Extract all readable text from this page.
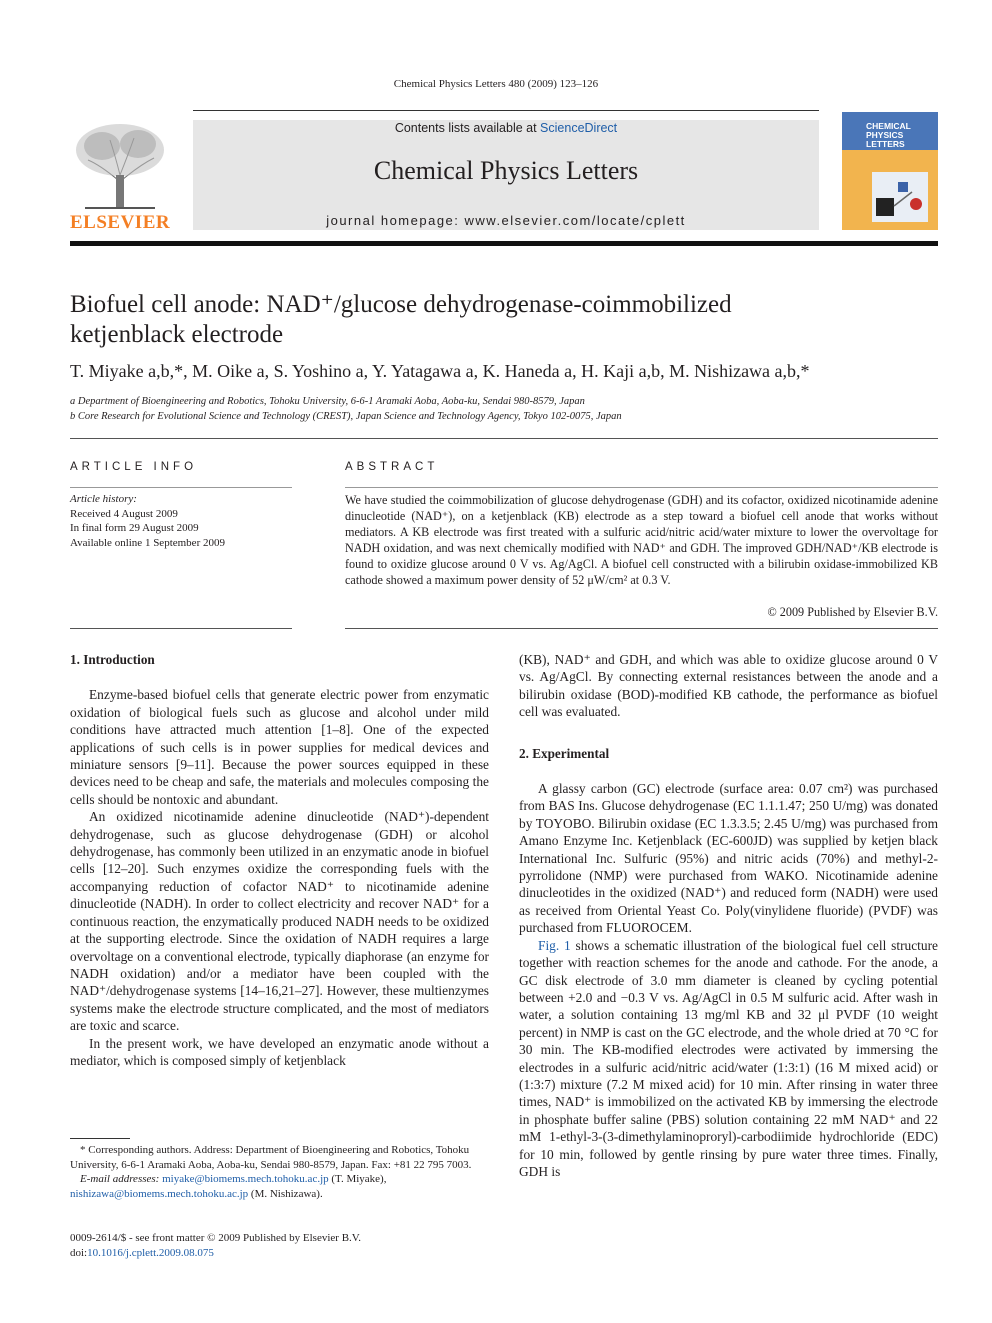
Chemical Physics Letters 480 (2009) 123–126
ELSEVIER
Contents lists available at ScienceDirect
Chemical Physics Letters
journal homepage: www.elsevier.com/locate/cplett
CHEMICAL PHYSICS LETTERS
Biofuel cell anode: NAD⁺/glucose dehydrogenase-coimmobilized ketjenblack electrode
T. Miyake a,b,*, M. Oike a, S. Yoshino a, Y. Yatagawa a, K. Haneda a, H. Kaji a,b, M. Nishizawa a,b,*
a Department of Bioengineering and Robotics, Tohoku University, 6-6-1 Aramaki Aoba, Aoba-ku, Sendai 980-8579, Japan
b Core Research for Evolutional Science and Technology (CREST), Japan Science and Technology Agency, Tokyo 102-0075, Japan
ARTICLE INFO
Article history:
Received 4 August 2009
In final form 29 August 2009
Available online 1 September 2009
ABSTRACT
We have studied the coimmobilization of glucose dehydrogenase (GDH) and its cofactor, oxidized nicotinamide adenine dinucleotide (NAD⁺), on a ketjenblack (KB) electrode as a step toward a biofuel cell anode that works without mediators. A KB electrode was first treated with a sulfuric acid/nitric acid/water mixture to lower the overvoltage for NADH oxidation, and was next chemically modified with NAD⁺ and GDH. The improved GDH/NAD⁺/KB electrode is found to oxidize glucose around 0 V vs. Ag/AgCl. A biofuel cell constructed with a bilirubin oxidase-immobilized KB cathode showed a maximum power density of 52 μW/cm² at 0.3 V.
© 2009 Published by Elsevier B.V.
1. Introduction

Enzyme-based biofuel cells that generate electric power from enzymatic oxidation of biological fuels such as glucose and alcohol under mild conditions have attracted much attention [1–8]. One of the expected applications of such cells is in power supplies for medical devices and miniature sensors [9–11]. Because the power sources equipped in these devices need to be cheap and safe, the materials and molecules composing the cells should be nontoxic and abundant.

An oxidized nicotinamide adenine dinucleotide (NAD⁺)-dependent dehydrogenase, such as glucose dehydrogenase (GDH) or alcohol dehydrogenase, has commonly been utilized in an enzymatic anode in biofuel cells [12–20]. Such enzymes oxidize the corresponding fuels with the accompanying reduction of cofactor NAD⁺ to nicotinamide adenine dinucleotide (NADH). In order to collect electricity and recover NAD⁺ for a continuous reaction, the enzymatically produced NADH needs to be oxidized at the supporting electrode. Since the oxidation of NADH requires a large overvoltage on a conventional electrode, typically diaphorase (an enzyme for NADH oxidation) and/or a mediator have been coupled with the NAD⁺/dehydrogenase systems [14–16,21–27]. However, these multienzymes systems make the electrode structure complicated, and the most of mediators are toxic and scarce.

In the present work, we have developed an enzymatic anode without a mediator, which is composed simply of ketjenblack

* Corresponding authors. Address: Department of Bioengineering and Robotics, Tohoku University, 6-6-1 Aramaki Aoba, Aoba-ku, Sendai 980-8579, Japan. Fax: +81 22 795 7003.
E-mail addresses: miyake@biomems.mech.tohoku.ac.jp (T. Miyake), nishizawa@biomems.mech.tohoku.ac.jp (M. Nishizawa).
0009-2614/$ - see front matter © 2009 Published by Elsevier B.V.
doi:10.1016/j.cplett.2009.08.075

(KB), NAD⁺ and GDH, and which was able to oxidize glucose around 0 V vs. Ag/AgCl. By connecting external resistances between the anode and a bilirubin oxidase (BOD)-modified KB cathode, the performance as biofuel cell was evaluated.

2. Experimental

A glassy carbon (GC) electrode (surface area: 0.07 cm²) was purchased from BAS Ins. Glucose dehydrogenase (EC 1.1.1.47; 250 U/mg) was donated by TOYOBO. Bilirubin oxidase (EC 1.3.3.5; 2.45 U/mg) was purchased from Amano Enzyme Inc. Ketjenblack (EC-600JD) was supplied by ketjen black International Inc. Sulfuric (95%) and nitric acids (70%) and methyl-2-pyrrolidone (NMP) were purchased from WAKO. Nicotinamide adenine dinucleotides in the oxidized (NAD⁺) and reduced form (NADH) were used as received from Oriental Yeast Co. Poly(vinylidene fluoride) (PVDF) was purchased from FLUOROCEM.

Fig. 1 shows a schematic illustration of the biological fuel cell structure together with reaction schemes for the anode and cathode. For the anode, a GC disk electrode of 3.0 mm diameter is cleaned by cycling potential between +2.0 and −0.3 V vs. Ag/AgCl in 0.5 M sulfuric acid. After wash in water, a solution containing 13 mg/ml KB and 32 μl PVDF (10 weight percent) in NMP is cast on the GC electrode, and the whole dried at 70 °C for 30 min. The KB-modified electrodes were activated by immersing the electrodes in a sulfuric acid/nitric acid/water (1:3:1) (16 M mixed acid) or (1:3:7) mixture (7.2 M mixed acid) for 10 min. After rinsing in water three times, NAD⁺ is immobilized on the activated KB by immersing the electrode in phosphate buffer saline (PBS) solution containing 22 mM NAD⁺ and 22 mM 1-ethyl-3-(3-dimethylaminoproryl)-carbodiimide hydrochloride (EDC) for 10 min, followed by gentle rinsing by pure water three times. Finally, GDH is
